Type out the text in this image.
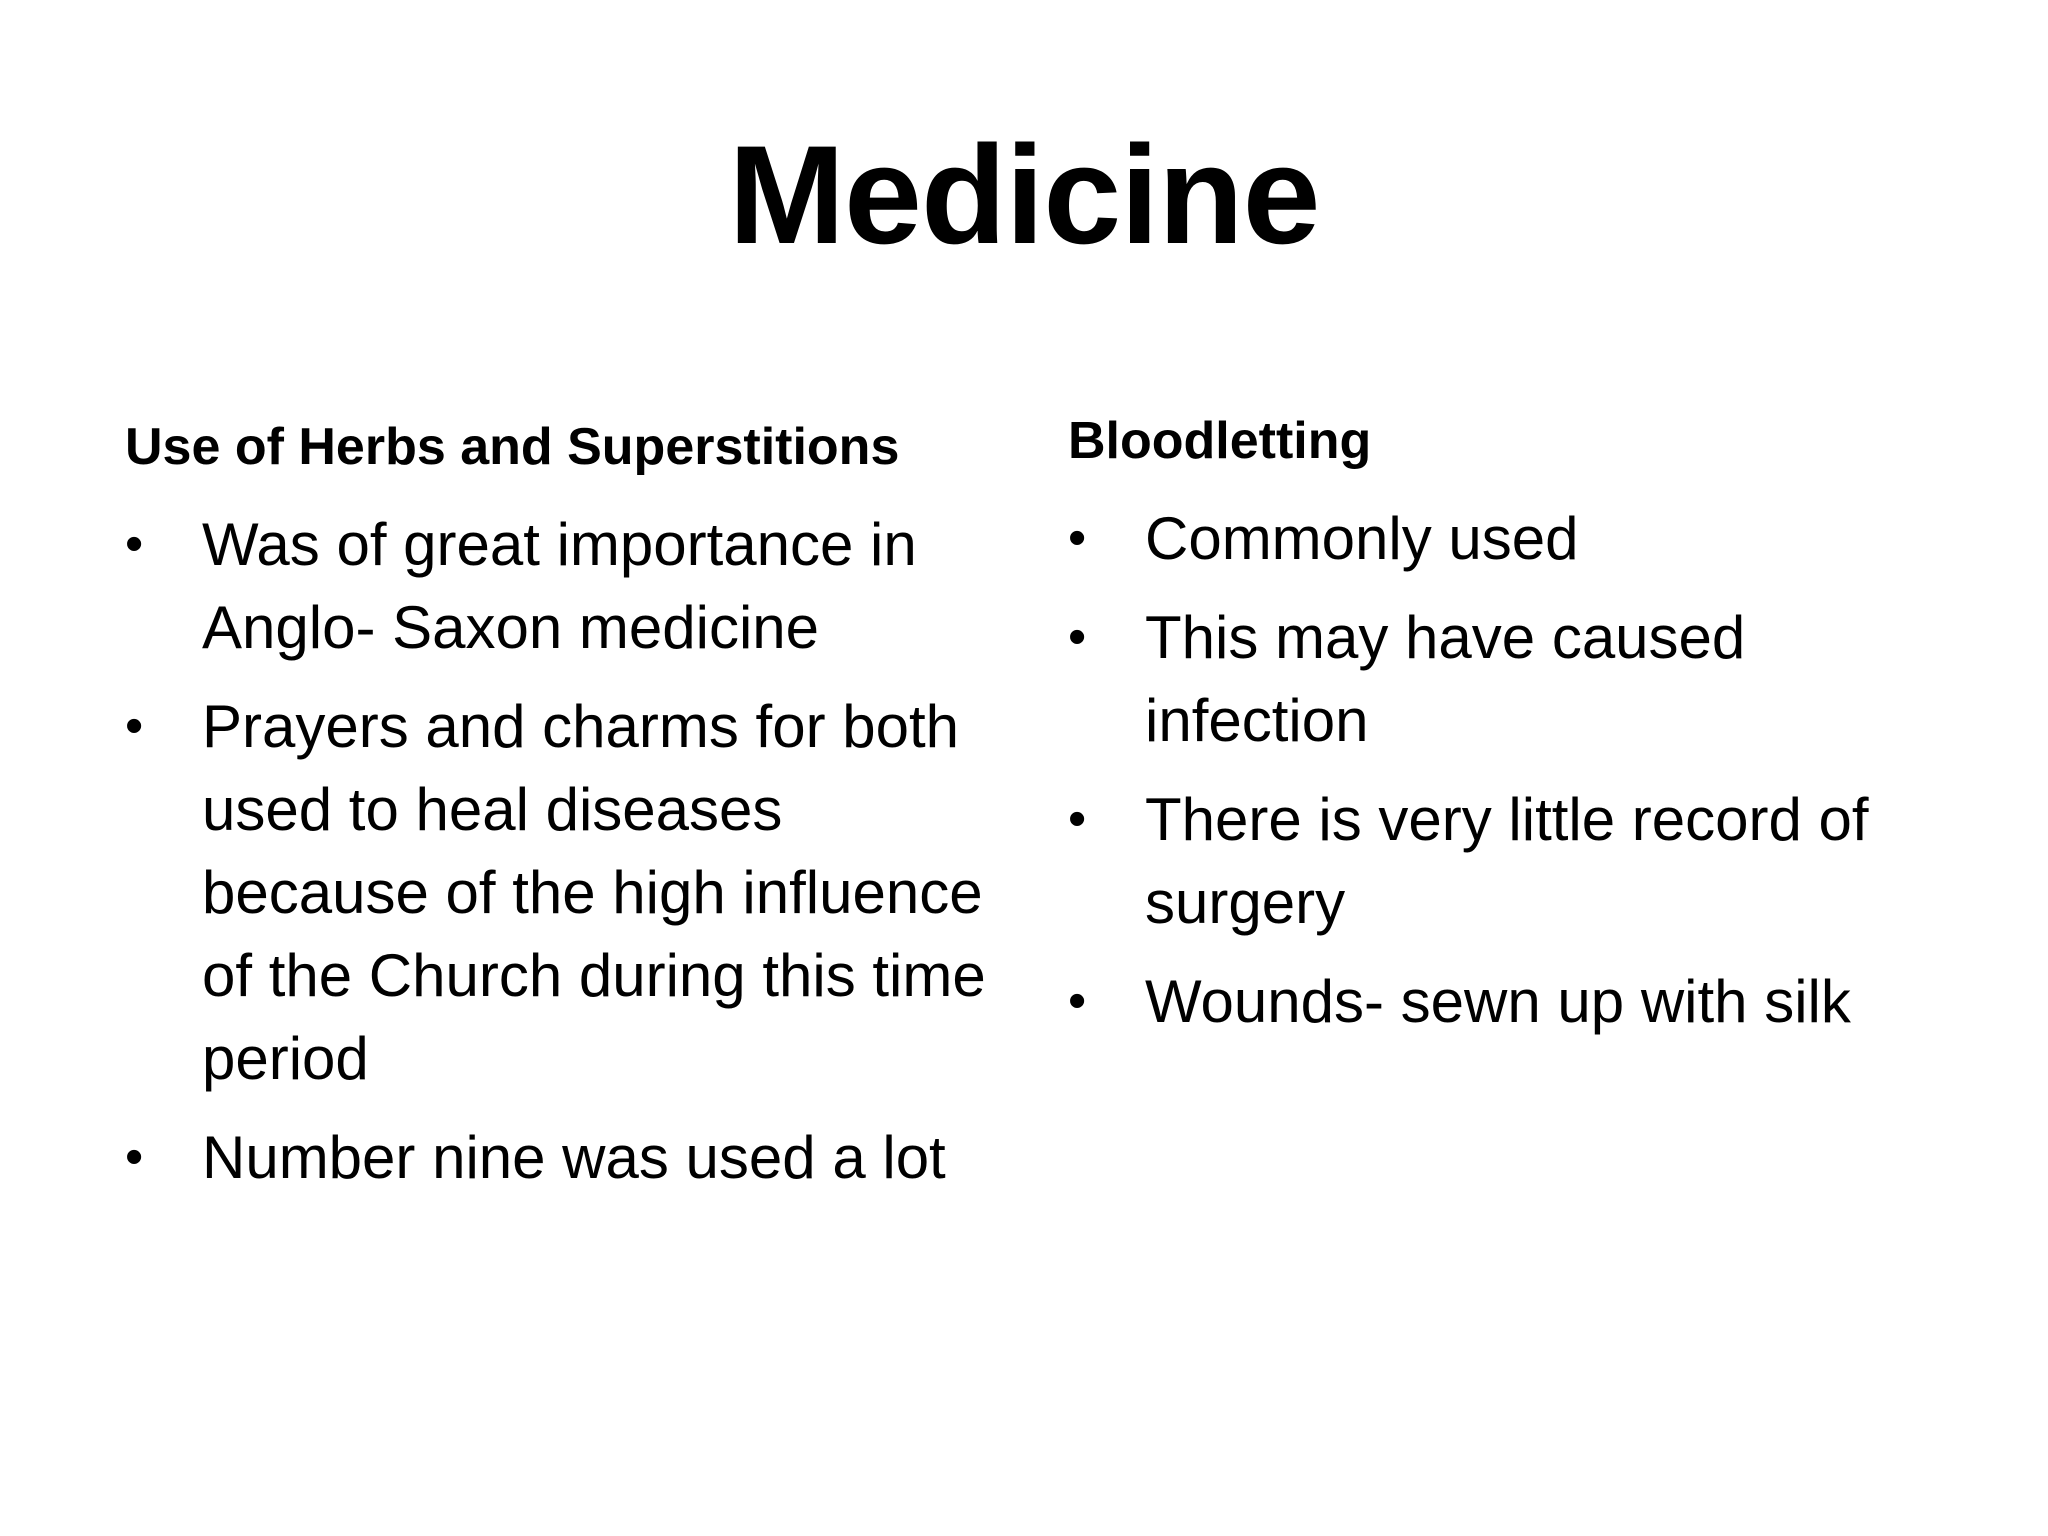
Medicine
Use of Herbs and Superstitions
• Was of great importance in Anglo- Saxon medicine
• Prayers and charms for both used to heal diseases because of the high influence of the Church during this time period
• Number nine was used a lot
Bloodletting
• Commonly used
• This may have caused infection
• There is very little record of surgery
• Wounds- sewn up with silk
